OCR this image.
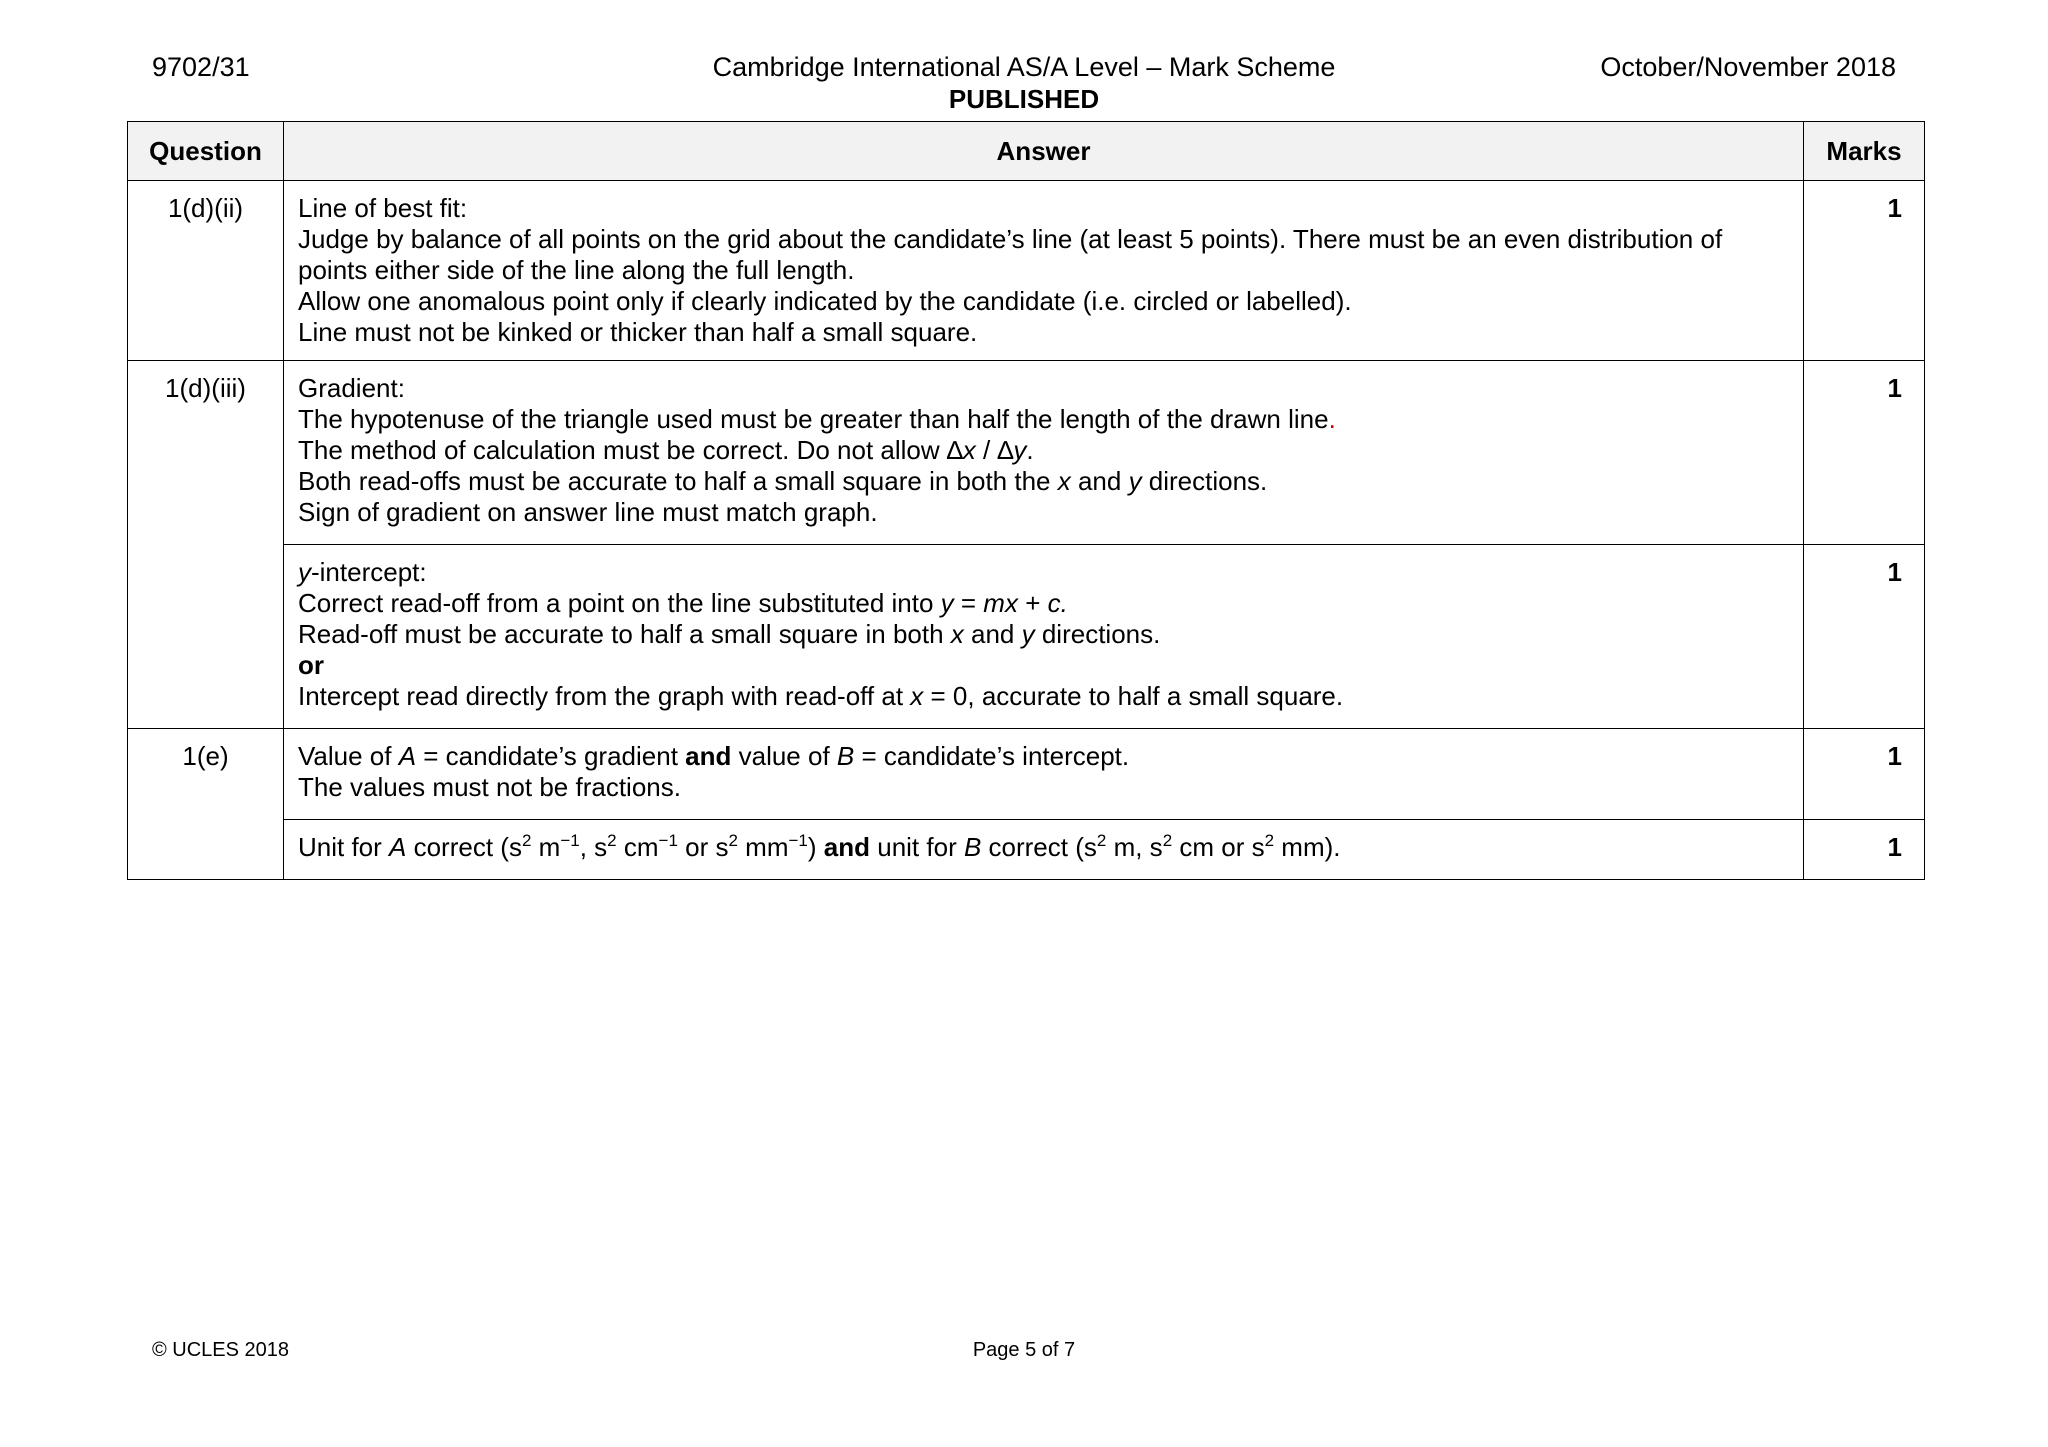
9702/31	Cambridge International AS/A Level – Mark Scheme
PUBLISHED
October/November 2018
Question	Answer	Marks
1(d)(ii)	Line of best fit:
Judge by balance of all points on the grid about the candidate’s line (at least 5 points). There must be an even distribution of points either side of the line along the full length.
Allow one anomalous point only if clearly indicated by the candidate (i.e. circled or labelled).
Line must not be kinked or thicker than half a small square.	1
1(d)(iii)	Gradient:
The hypotenuse of the triangle used must be greater than half the length of the drawn line.
The method of calculation must be correct. Do not allow ∆x / ∆y.
Both read-offs must be accurate to half a small square in both the x and y directions.
Sign of gradient on answer line must match graph.	1

	y-intercept:
Correct read-off from a point on the line substituted into y = mx + c.
Read-off must be accurate to half a small square in both x and y directions.
or
Intercept read directly from the graph with read-off at x = 0, accurate to half a small square.	1
1(e)	Value of A = candidate’s gradient and value of B = candidate’s intercept.
The values must not be fractions.	1

	Unit for A correct ($s^2$ $m^{-1}$, $s^2$ $cm^{-1}$ or $s^2$ $mm^{-1}$) and unit for B correct ($s^2$ m, $s^2$ cm or $s^2$ mm).	1
© UCLES 2018	Page 5 of 7
